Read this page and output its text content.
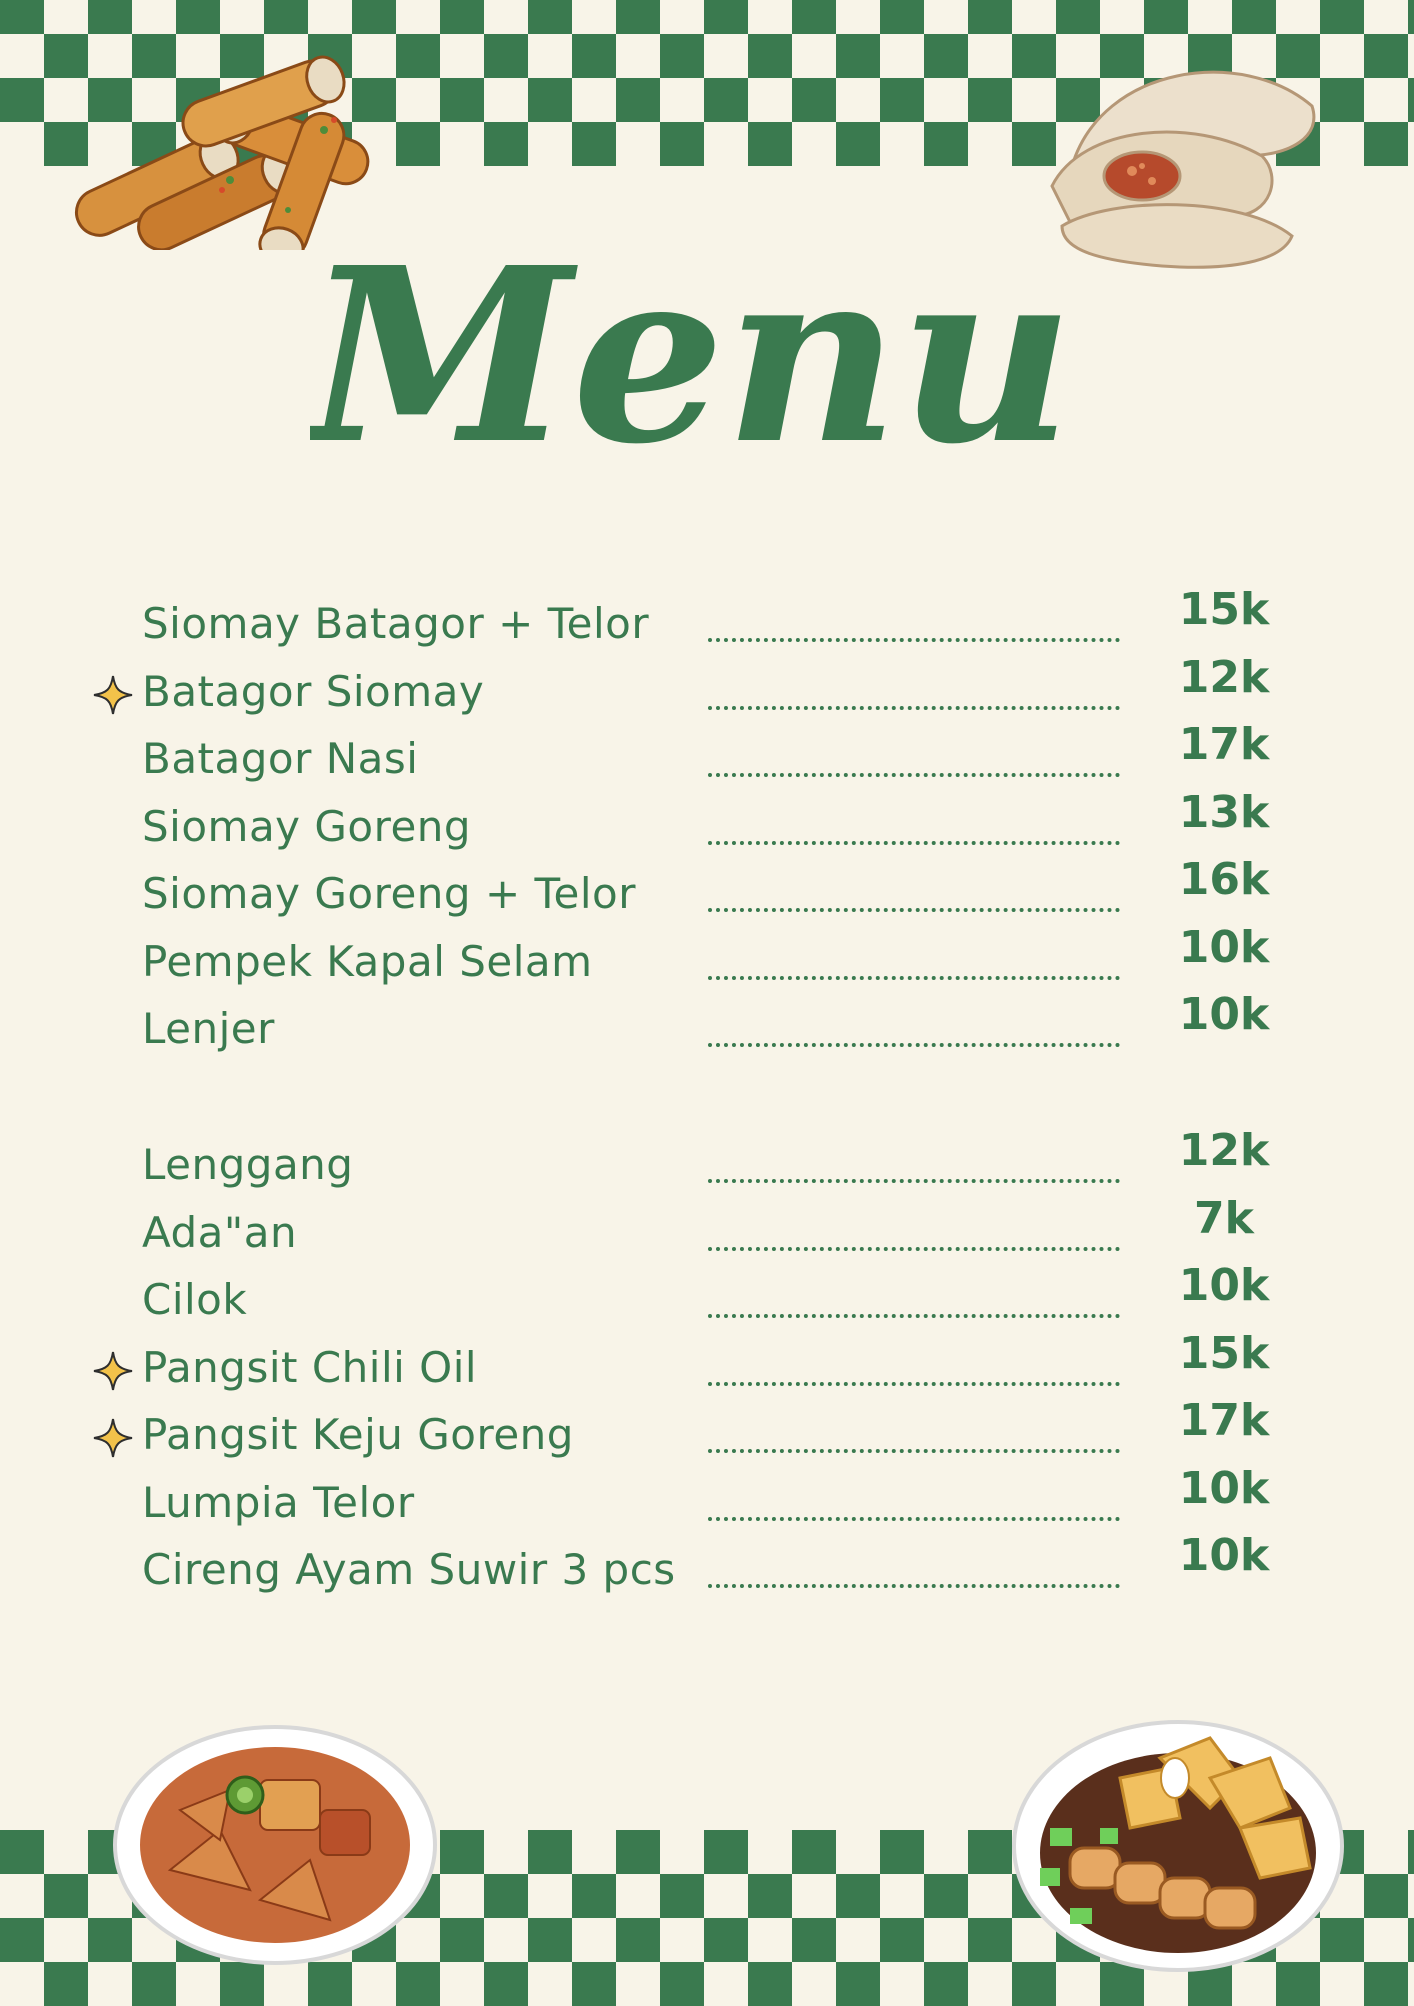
Menu
Siomay Batagor + Telor	15k
Batagor Siomay	12k
Batagor Nasi	17k
Siomay Goreng	13k
Siomay Goreng + Telor	16k
Pempek Kapal Selam	10k
Lenjer	10k
Lenggang	12k
Ada"an	7k
Cilok	10k
Pangsit Chili Oil	15k
Pangsit Keju Goreng	17k
Lumpia Telor	10k
Cireng Ayam Suwir 3 pcs	10k
